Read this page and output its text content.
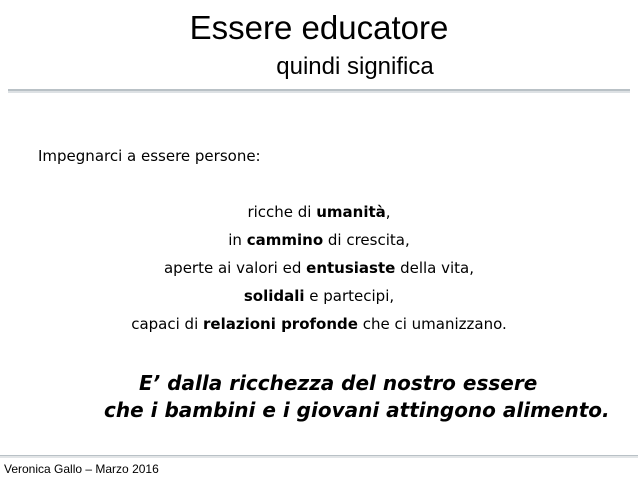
Essere educatore
quindi significa
Impegnarci a essere persone:
ricche di umanità,
in cammino di crescita,
aperte ai valori ed entusiaste della vita,
solidali e partecipi,
capaci di relazioni profonde che ci umanizzano.
E’ dalla ricchezza del nostro essere
che i bambini e i giovani attingono alimento.
Veronica Gallo – Marzo 2016
